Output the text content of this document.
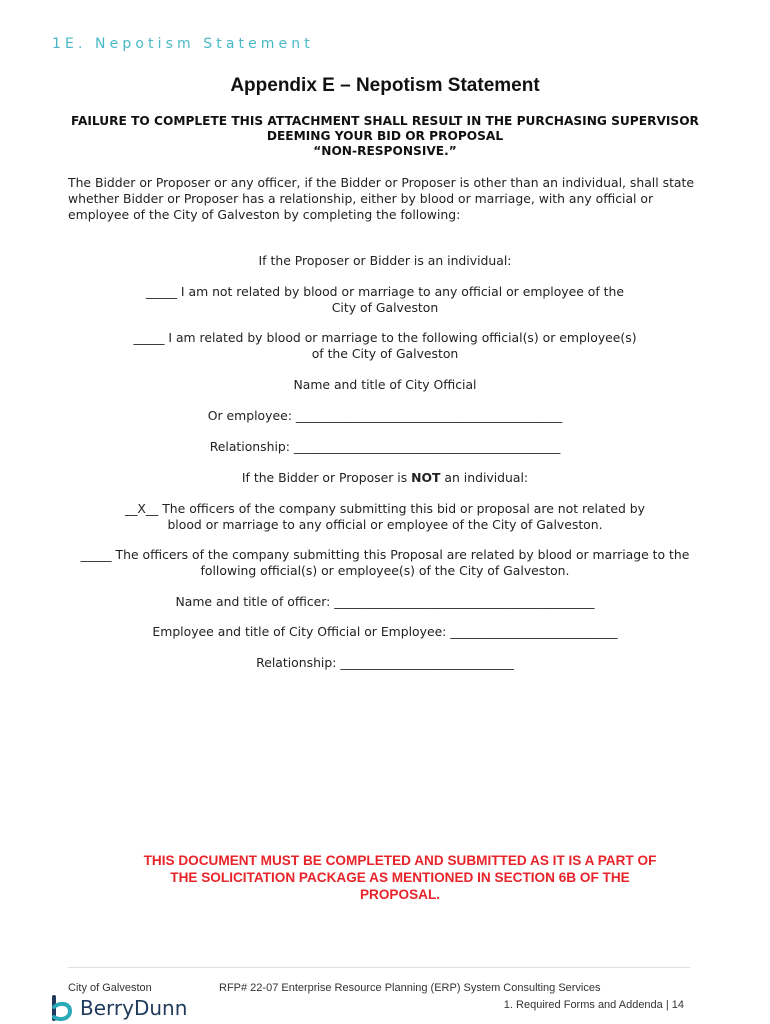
1E. Nepotism Statement
Appendix E – Nepotism Statement
FAILURE TO COMPLETE THIS ATTACHMENT SHALL RESULT IN THE PURCHASING SUPERVISOR
DEEMING YOUR BID OR PROPOSAL
“NON-RESPONSIVE.”
The Bidder or Proposer or any officer, if the Bidder or Proposer is other than an individual, shall state whether Bidder or Proposer has a relationship, either by blood or marriage, with any official or employee of the City of Galveston by completing the following:
If the Proposer or Bidder is an individual:
_____ I am not related by blood or marriage to any official or employee of the
City of Galveston
_____ I am related by blood or marriage to the following official(s) or employee(s)
of the City of Galveston
Name and title of City Official
Or employee: ___________________________________________
Relationship: ___________________________________________
If the Bidder or Proposer is NOT an individual:
__X__ The officers of the company submitting this bid or proposal are not related by
blood or marriage to any official or employee of the City of Galveston.
_____ The officers of the company submitting this Proposal are related by blood or marriage to the
following official(s) or employee(s) of the City of Galveston.
Name and title of officer: __________________________________________
Employee and title of City Official or Employee: ___________________________
Relationship: ____________________________
THIS DOCUMENT MUST BE COMPLETED AND SUBMITTED AS IT IS A PART OF
THE SOLICITATION PACKAGE AS MENTIONED IN SECTION 6B OF THE
PROPOSAL.
City of Galveston	RFP# 22-07 Enterprise Resource Planning (ERP) System Consulting Services
1. Required Forms and Addenda | 14
BerryDunn
